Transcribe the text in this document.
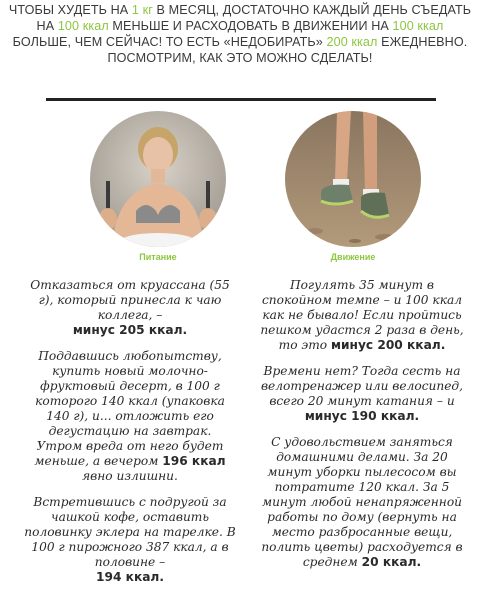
ЧТОБЫ ХУДЕТЬ НА 1 кг В МЕСЯЦ, ДОСТАТОЧНО КАЖДЫЙ ДЕНЬ СЪЕДАТЬ
НА 100 ккал МЕНЬШЕ И РАСХОДОВАТЬ В ДВИЖЕНИИ НА 100 ккал
БОЛЬШЕ, ЧЕМ СЕЙЧАС! ТО ЕСТЬ «НЕДОБИРАТЬ» 200 ккал ЕЖЕДНЕВНО.
ПОСМОТРИМ, КАК ЭТО МОЖНО СДЕЛАТЬ!
Питание	Движение

Отказаться от круассана (55 г), который принесла к чаю коллега, –
минус 205 ккал.

Поддавшись любопытству, купить новый молочно-фруктовый десерт, в 100 г которого 140 ккал (упаковка 140 г), и... отложить его дегустацию на завтрак. Утром вреда от него будет меньше, а вечером 196 ккал
явно излишни.

Встретившись с подругой за чашкой кофе, оставить половинку эклера на тарелке. В 100 г пирожного 387 ккал, а в половине –
194 ккал.

Погулять 35 минут в спокойном темпе – и 100 ккал как не бывало! Если пройтись пешком удастся 2 раза в день, то это минус 200 ккал.

Времени нет? Тогда сесть на велотренажер или велосипед, всего 20 минут катания – и минус 190 ккал.

С удовольствием заняться домашними делами. За 20 минут уборки пылесосом вы потратите 120 ккал. За 5 минут любой ненапряженной работы по дому (вернуть на место разбросанные вещи, полить цветы) расходуется в среднем 20 ккал.
